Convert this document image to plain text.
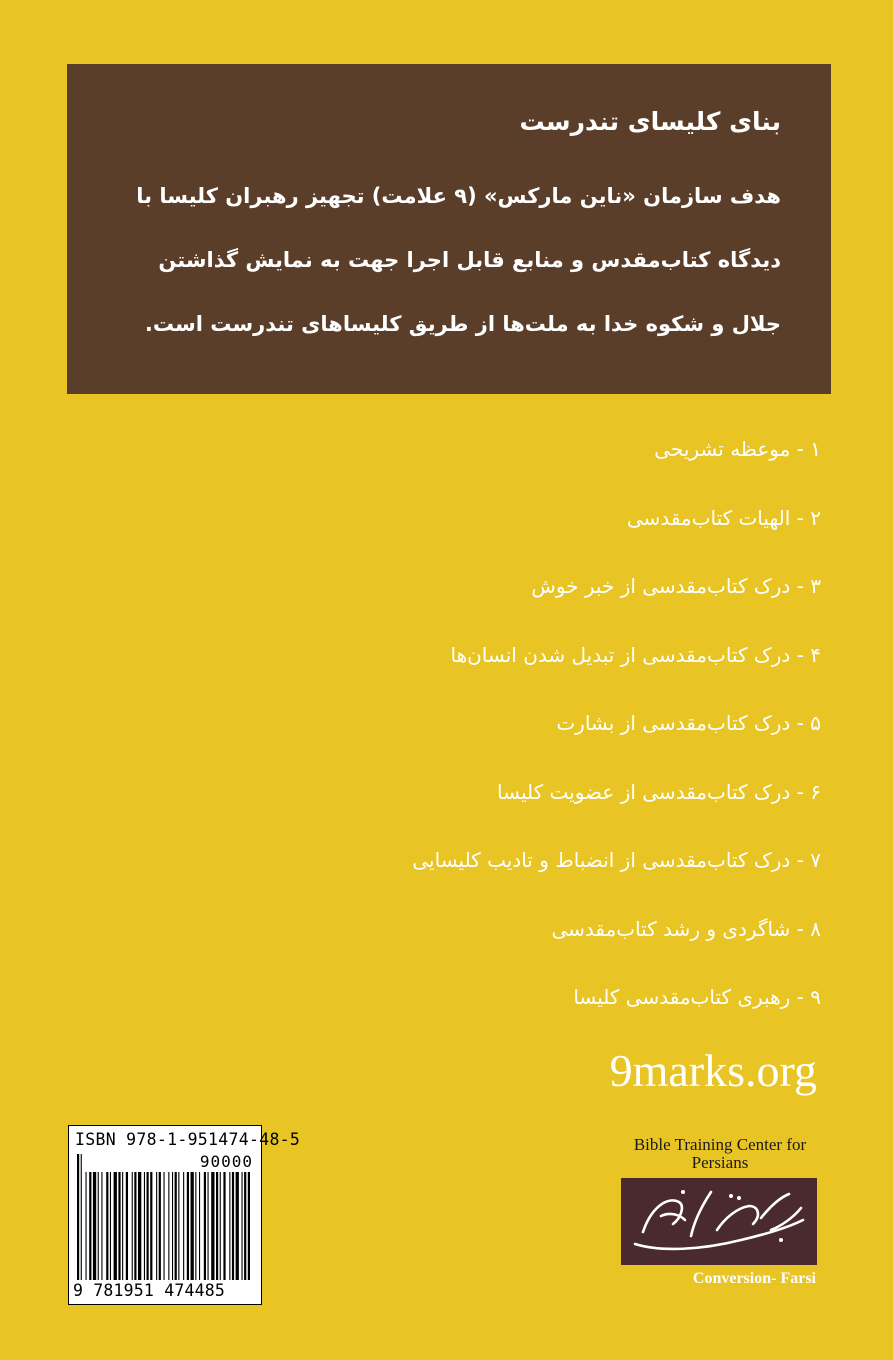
بنای کلیسای تندرست
هدف سازمان «ناین مارکس» (۹ علامت) تجهیز رهبران کلیسا با دیدگاه کتاب‌مقدس و منابع قابل اجرا جهت به نمایش گذاشتن جلال و شکوه خدا به ملت‌ها از طریق کلیساهای تندرست است.
۱ - موعظه تشریحی
۲ - الهیات کتاب‌مقدسی
۳ - درک کتاب‌مقدسی از خبر خوش
۴ - درک کتاب‌مقدسی از تبدیل شدن انسان‌ها
۵ - درک کتاب‌مقدسی از بشارت
۶ - درک کتاب‌مقدسی از عضویت کلیسا
۷ - درک کتاب‌مقدسی از انضباط و تادیب کلیسایی
۸ - شاگردی و رشد کتاب‌مقدسی
۹ - رهبری کتاب‌مقدسی کلیسا
9marks.org
ISBN 978-1-951474-48-5
90000
9 781951 474485
Bible Training Center for Persians
Conversion- Farsi
